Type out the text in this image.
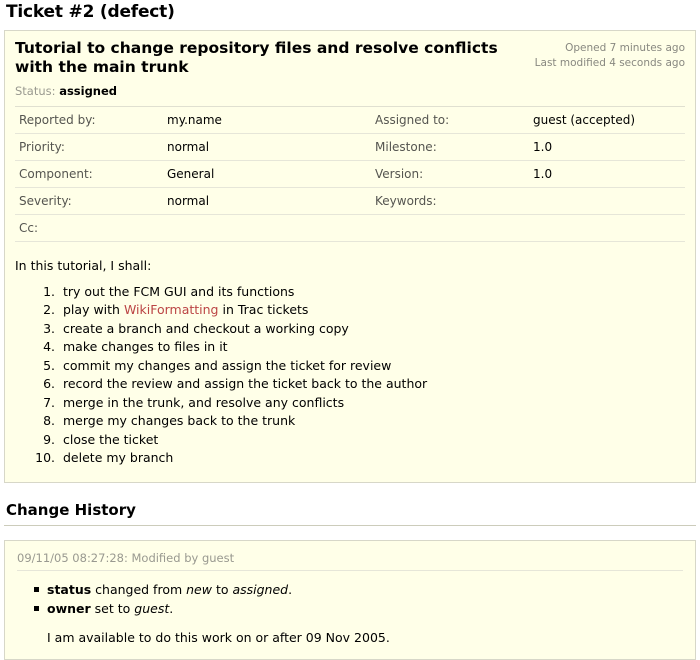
Ticket #2 (defect)
Tutorial to change repository files and resolve conflicts with the main trunk
Opened 7 minutes ago
Last modified 4 seconds ago
Status: assigned
Reported by:	my.name	Assigned to:	guest (accepted)
Priority:	normal	Milestone:	1.0
Component:	General	Version:	1.0
Severity:	normal	Keywords:	
Cc:			

In this tutorial, I shall:

1. try out the FCM GUI and its functions
2. play with WikiFormatting in Trac tickets
3. create a branch and checkout a working copy
4. make changes to files in it
5. commit my changes and assign the ticket for review
6. record the review and assign the ticket back to the author
7. merge in the trunk, and resolve any conflicts
8. merge my changes back to the trunk
9. close the ticket
10. delete my branch
Change History
09/11/05 08:27:28: Modified by guest
status changed from new to assigned.
owner set to guest.
I am available to do this work on or after 09 Nov 2005.
